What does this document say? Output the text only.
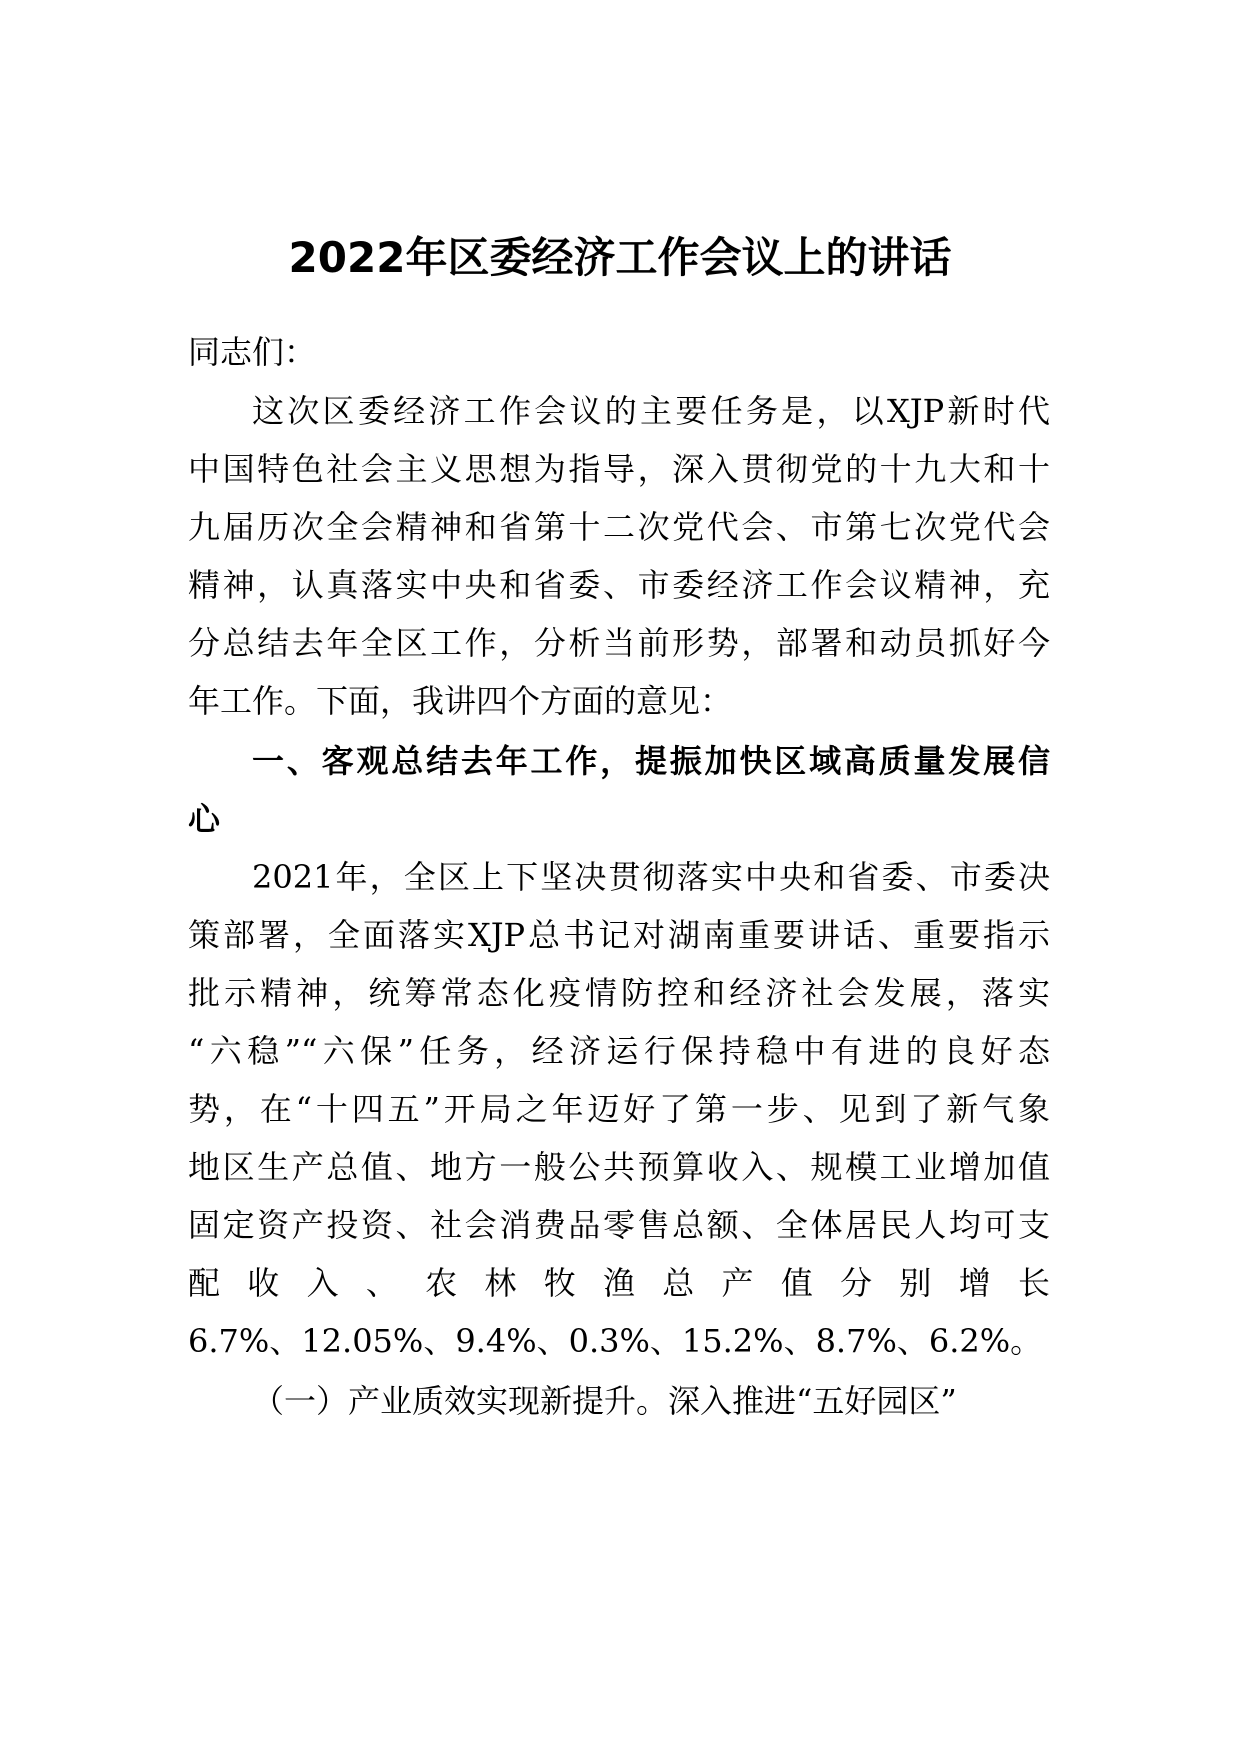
2022年区委经济工作会议上的讲话
同志们：
这次区委经济工作会议的主要任务是，以XJP新时代
中国特色社会主义思想为指导，深入贯彻党的十九大和十
九届历次全会精神和省第十二次党代会、市第七次党代会
精神，认真落实中央和省委、市委经济工作会议精神，充
分总结去年全区工作，分析当前形势，部署和动员抓好今
年工作。下面，我讲四个方面的意见：
一、客观总结去年工作，提振加快区域高质量发展信
心
2021年，全区上下坚决贯彻落实中央和省委、市委决
策部署，全面落实XJP总书记对湖南重要讲话、重要指示
批示精神，统筹常态化疫情防控和经济社会发展，落实
“六稳”“六保”任务，经济运行保持稳中有进的良好态
势，在“十四五”开局之年迈好了第一步、见到了新气象
地区生产总值、地方一般公共预算收入、规模工业增加值
固定资产投资、社会消费品零售总额、全体居民人均可支
配收入、农林牧渔总产值分别增长
6.7%、12.05%、9.4%、0.3%、15.2%、8.7%、6.2%。
（一）产业质效实现新提升。深入推进“五好园区”
